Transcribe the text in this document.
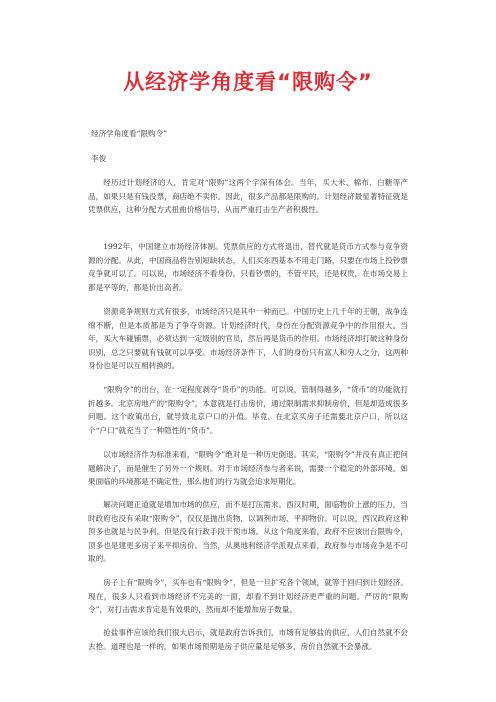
从经济学角度看“限购令”
经济学角度看“限购令”
李俊

经历过计划经济的人，肯定对“限购”这两个字深有体会。当年，买大米、棉布、白糖等产品，如果只是有钱没票，商店绝不卖你。因此，很多产品都是限购的。计划经济最显著特征就是凭票供应，这种分配方式扭曲价格信号，从而严重打击生产者积极性。

1992年，中国建立市场经济体制。凭票供应的方式将退出，替代就是货币方式参与竞争资源的分配。从此，中国商品将告别短缺状态，人们买东西基本不用走门路，只要在市场上投钞票竞争就可以了。可以说，市场经济不看身份，只看钞票的，不管平民，还是权贵，在市场交易上都是平等的，都是价出高者。

资源竞争规则方式有很多，市场经济只是其中一种而已。中国历史上几千年的王朝，战争连绵不断，但是本质都是为了争夺资源。计划经济时代，身份在分配资源竞争中的作用很大。当年，买大车碰铺票，必须达到一定级别的官员，然后再是货币的作用。市场经济却打破这种身份识别，总之只要就有钱就可以享受。市场经济条件下，人们的身份只有富人和穷人之分，这两种身份也是可以互相转换的。

“限购令”的出台，在一定程度剥夺“货币”的功能。可以说，管制得越多，“货币”的功能就打折越多。北京房地产的“限购令”，本意就是打击房价，通过限制需求抑制房价，但是却造成很多问题。这个政策出台，就导致北京户口的升值。毕竟，在北京买房子还需要北京户口，所以这个“户口”就充当了一种隐性的“货币”。

以市场经济作为标准来看，“限购令”绝对是一种历史倒退。其实，“限购令”并没有真正把问题解决了，而是催生了另外一个规则。对于市场经济参与者来说，需要一个稳定的外部环境。如果面临的环境都是不确定性，那么他们的行为就会追求短期化。

解决问题正道就是增加市场的供应，而不是打压需求。西汉时期，面临物价上涨的压力，当时政府也没有采取“限购令”，仅仅是抛出货物，以调剂市场、平抑物价。可以说，西汉政府这种顶多也就是与民争利，但是没有行政手段干预市场。从这个角度来看，政府不应该出台限购令，顶多也是建更多房子来平抑房价。当然，从奥地利经济学派观点来看，政府参与市场竞争是不可取的。

房子上有“限购令”，买车也有“限购令”，但是一旦扩充各个领域，就等于回归到计划经济。现在，很多人只看到市场经济不完美的一面，却看不到计划经济更严重的问题。严厉的“限购令”，对打击需求肯定是有效果的，然而却不能增加房子数量。

抢盐事件应该给我们很大启示，就是政府告诉我们，市场有足够盐的供应，人们自然就不会去抢。道理也是一样的，如果市场预期是房子供应量是足够多，房价自然就不会暴涨。
